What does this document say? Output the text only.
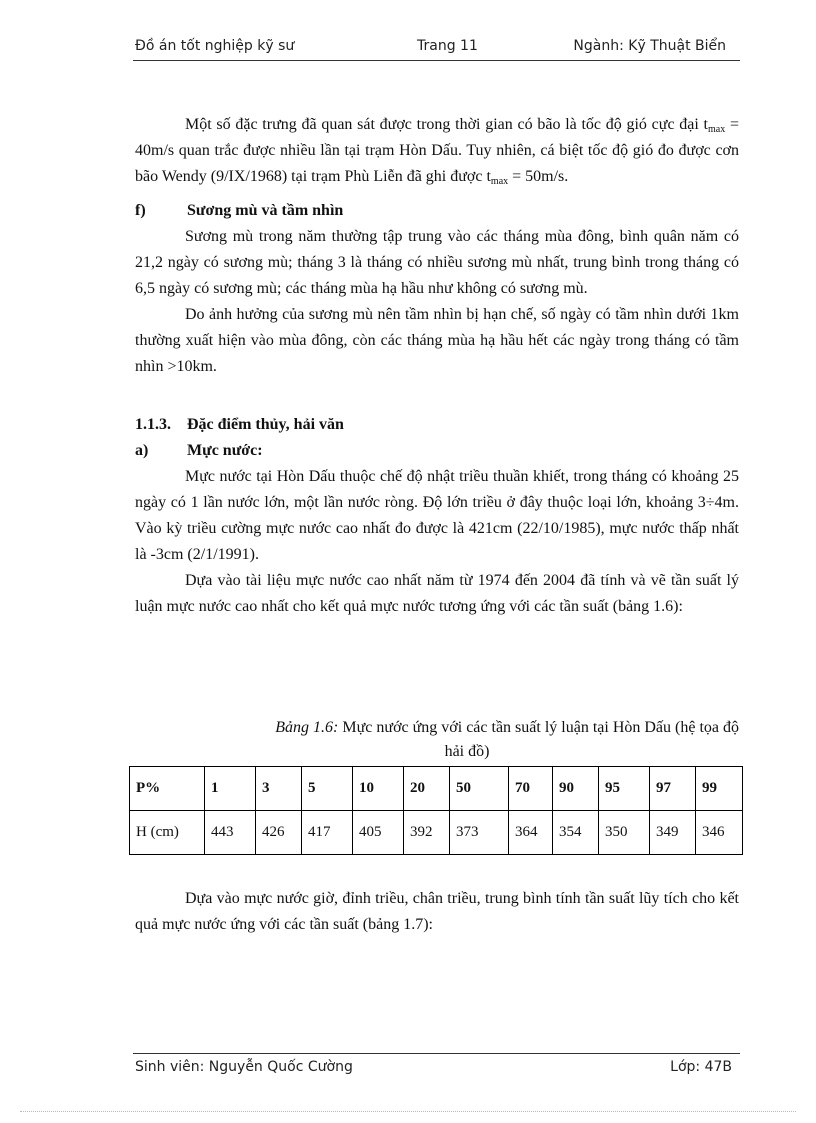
Đồ án tốt nghiệp kỹ sư	Trang 11	Ngành: Kỹ Thuật Biển

Một số đặc trưng đã quan sát được trong thời gian có bão là tốc độ gió cực đại $t_{max} = 40m/s$ quan trắc được nhiều lần tại trạm Hòn Dấu. Tuy nhiên, cá biệt tốc độ gió đo được cơn bão Wendy (9/IX/1968) tại trạm Phù Liễn đã ghi được $t_{max} = 50m/s$.

f)	Sương mù và tầm nhìn

Sương mù trong năm thường tập trung vào các tháng mùa đông, bình quân năm có 21,2 ngày có sương mù; tháng 3 là tháng có nhiều sương mù nhất, trung bình trong tháng có 6,5 ngày có sương mù; các tháng mùa hạ hầu như không có sương mù.

Do ảnh hưởng của sương mù nên tầm nhìn bị hạn chế, số ngày có tầm nhìn dưới 1km thường xuất hiện vào mùa đông, còn các tháng mùa hạ hầu hết các ngày trong tháng có tầm nhìn >10km.

1.1.3.	Đặc điểm thủy, hải văn
a)	Mực nước:

Mực nước tại Hòn Dấu thuộc chế độ nhật triều thuần khiết, trong tháng có khoảng 25 ngày có 1 lần nước lớn, một lần nước ròng. Độ lớn triều ở đây thuộc loại lớn, khoảng 3÷4m. Vào kỳ triều cường mực nước cao nhất đo được là 421cm (22/10/1985), mực nước thấp nhất là -3cm (2/1/1991).

Dựa vào tài liệu mực nước cao nhất năm từ 1974 đến 2004 đã tính và vẽ tần suất lý luận mực nước cao nhất cho kết quả mực nước tương ứng với các tần suất (bảng 1.6):

Bảng 1.6: Mực nước ứng với các tần suất lý luận tại Hòn Dấu (hệ tọa độ
hải đồ)
P%	1	3	5	10	20	50	70	90	95	97	99
H (cm)	443	426	417	405	392	373	364	354	350	349	346

Dựa vào mực nước giờ, đỉnh triều, chân triều, trung bình tính tần suất lũy tích cho kết quả mực nước ứng với các tần suất (bảng 1.7):

Sinh viên: Nguyễn Quốc Cường	Lớp: 47B
